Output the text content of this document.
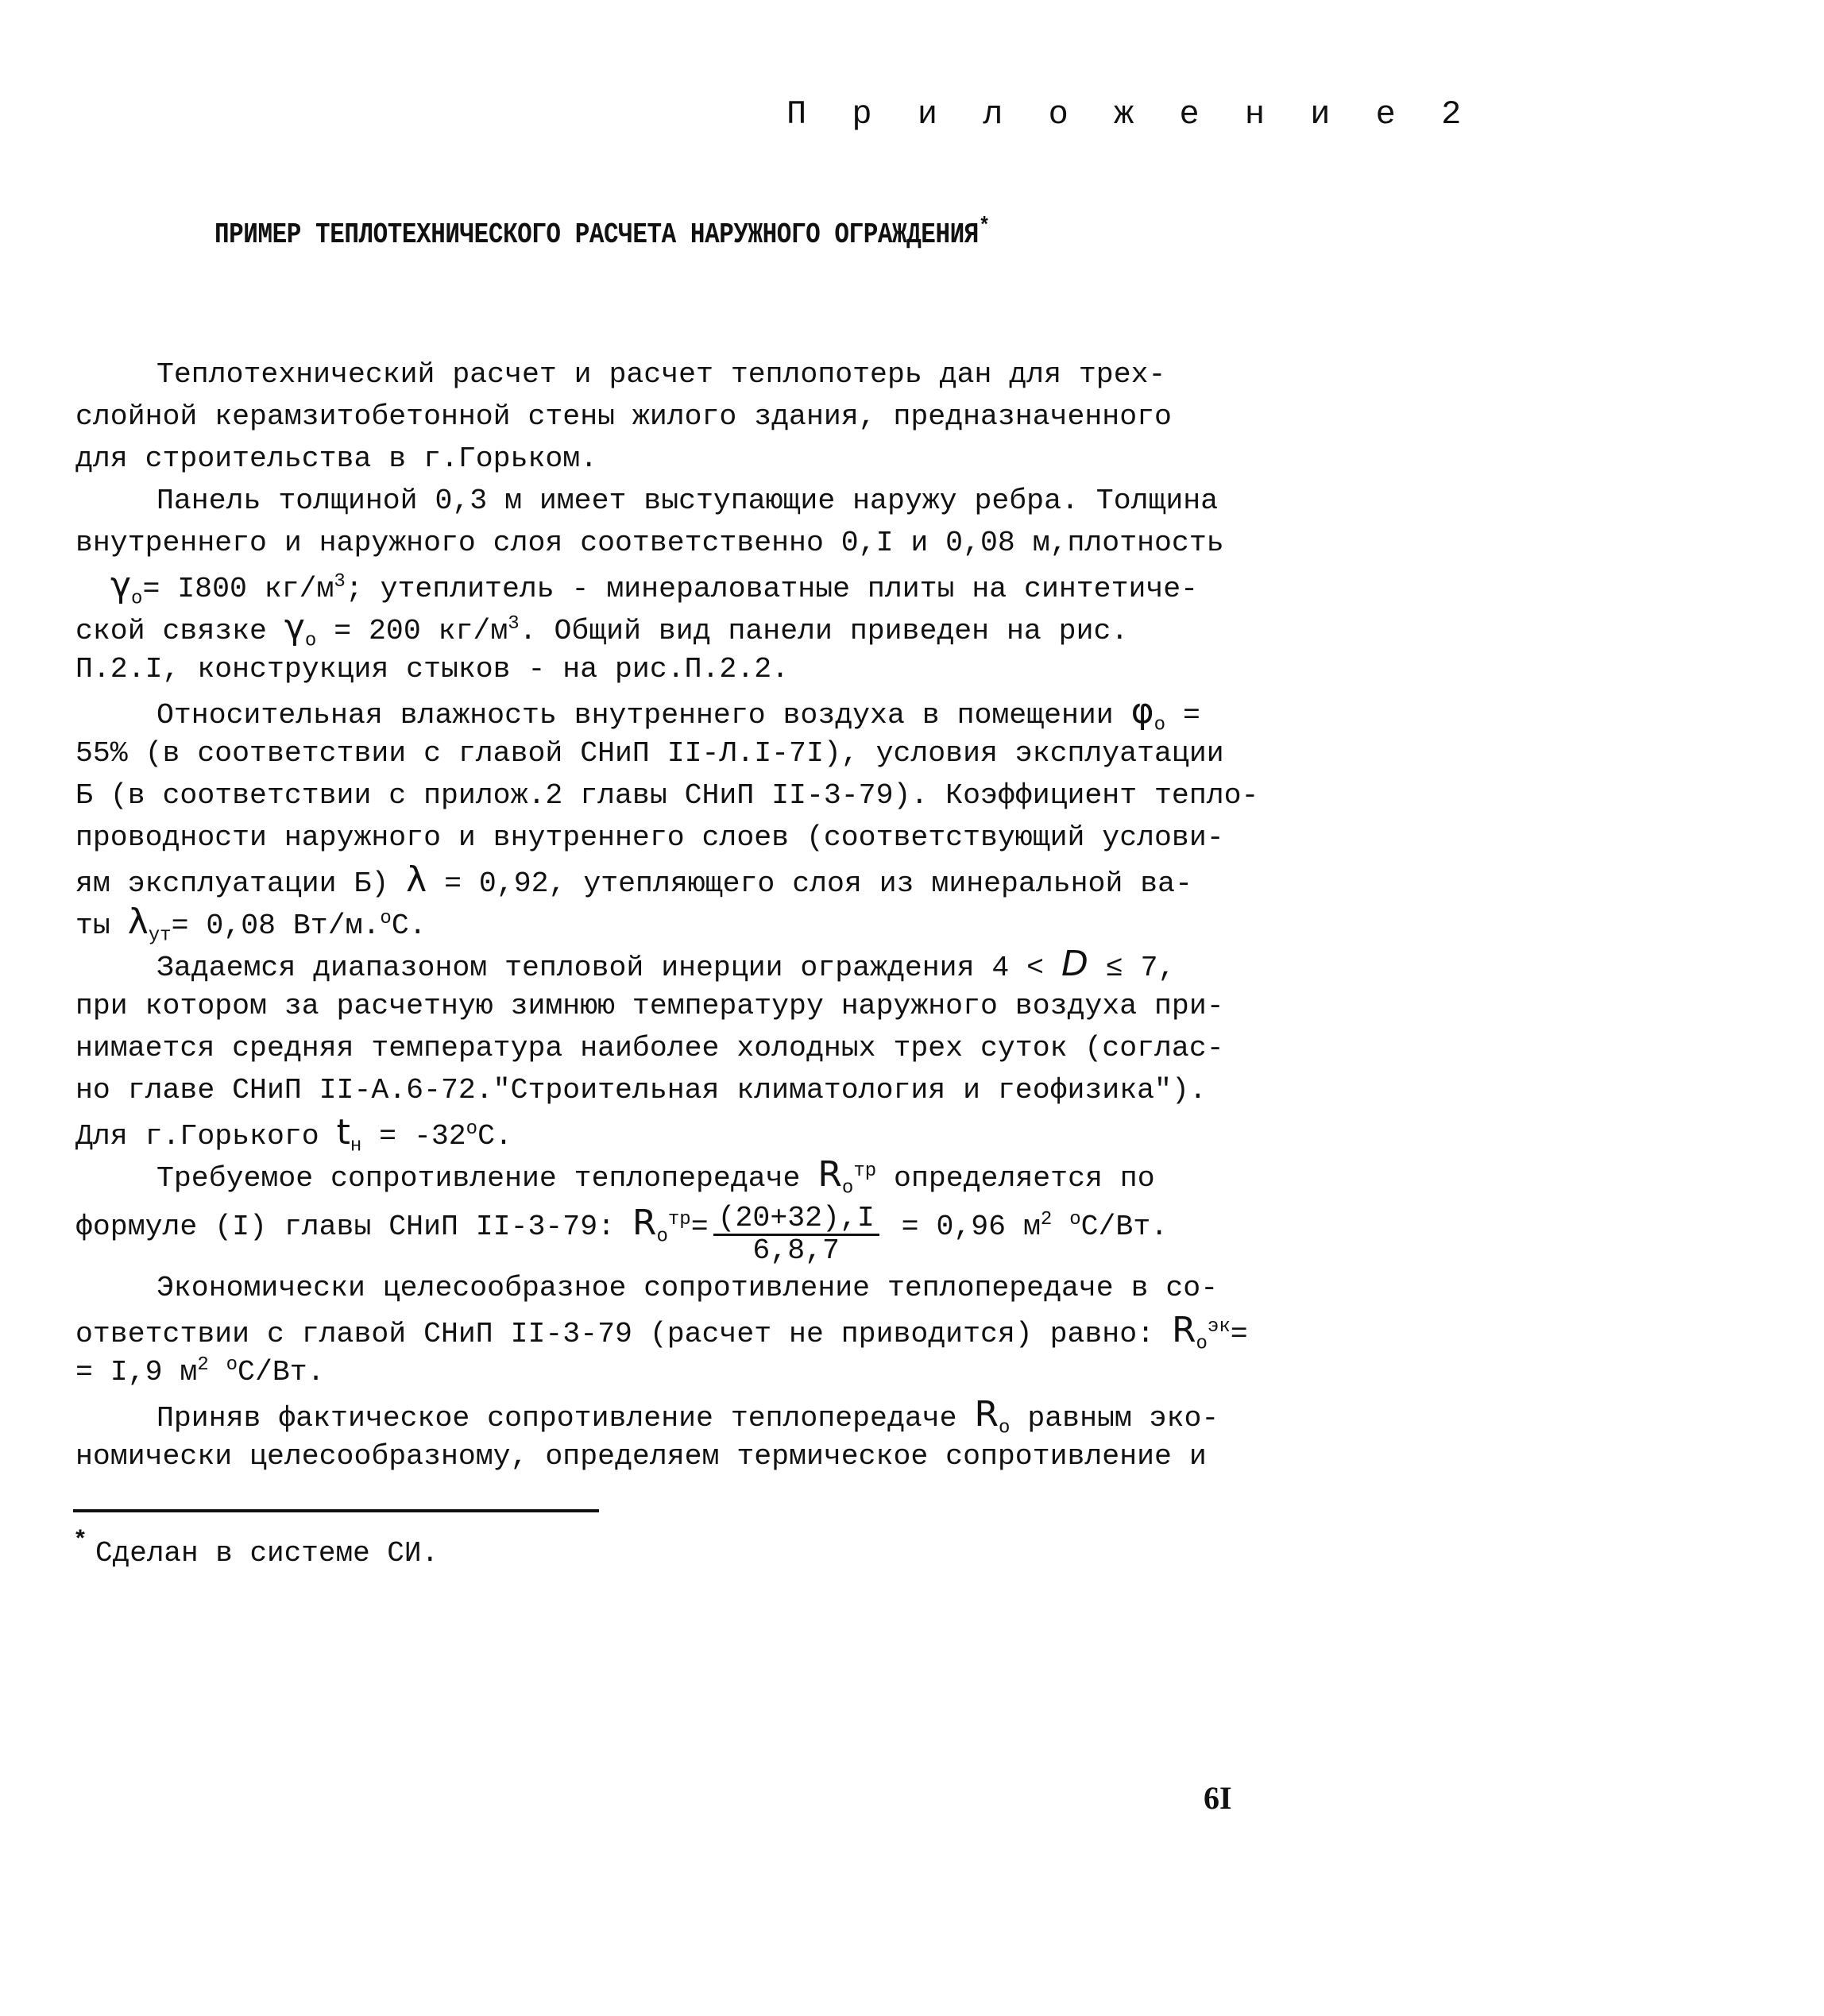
П р и л о ж е н и е 2
ПРИМЕР ТЕПЛОТЕХНИЧЕСКОГО РАСЧЕТА НАРУЖНОГО ОГРАЖДЕНИЯ*
Теплотехнический расчет и расчет теплопотерь дан для трех-
слойной керамзитобетонной стены жилого здания, предназначенного
для строительства в г.Горьком.
Панель толщиной 0,3 м имеет выступающие наружу ребра. Толщина
внутреннего и наружного слоя соответственно 0,I и 0,08 м,плотность
$\gamma_o= I800$ $кг/м^3$; утеплитель - минераловатные плиты на синтетиче-
ской связке $\gamma_o = 200$ $кг/м^3$. Общий вид панели приведен на рис.
П.2.I, конструкция стыков - на рис.П.2.2.
Относительная влажность внутреннего воздуха в помещении $\varphi_o$ =
55% (в соответствии с главой СНиП II-Л.I-7I), условия эксплуатации
Б (в соответствии с прилож.2 главы СНиП II-3-79). Коэффициент тепло-
проводности наружного и внутреннего слоев (соответствующий услови-
ям эксплуатации Б) λ = 0,92, утепляющего слоя из минеральной ва-
ты $\lambda_{ут}= 0,08$ Вт/м.$^o$С.
Задаемся диапазоном тепловой инерции ограждения 4 < D ≤ 7,
при котором за расчетную зимнюю температуру наружного воздуха при-
нимается средняя температура наиболее холодных трех суток (соглас-
но главе СНиП II-А.6-72."Строительная климатология и геофизика").
Для г.Горького $t_н = -32^oС$.
Требуемое сопротивление теплопередаче $R_o^{тр}$ определяется по
формуле (I) главы СНиП II-3-79: $R_o^{тр}= \frac{(20+32),I}{6,8,7} = 0,96$ $м^2$ $^o$С/Вт.
Экономически целесообразное сопротивление теплопередаче в со-
ответствии с главой СНиП II-3-79 (расчет не приводится) равно: $R_o^{эк}=$
= I,9 $м^2$ $^o$С/Вт.
Приняв фактическое сопротивление теплопередаче $R_o$ равным эко-
номически целесообразному, определяем термическое сопротивление и
* Сделан в системе СИ.
6I
